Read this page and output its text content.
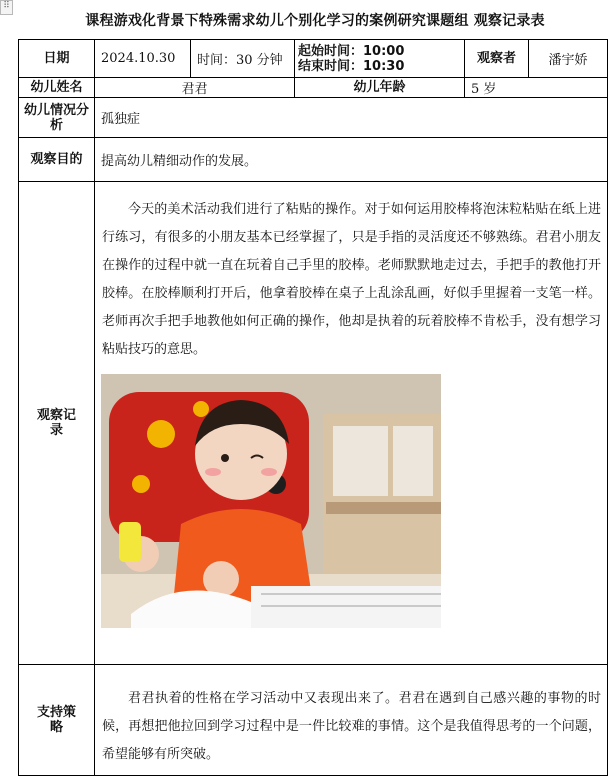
⠿
课程游戏化背景下特殊需求幼儿个别化学习的案例研究课题组 观察记录表
日期	2024.10.30	时间：30 分钟	起始时间：10:00
结束时间：10:30	观察者	潘宇娇
幼儿姓名	君君		幼儿年龄	5 岁	
幼儿情况分析	孤独症				
观察目的	提高幼儿精细动作的发展。				
观察记录	今天的美术活动我们进行了粘贴的操作。对于如何运用胶棒将泡沫粒粘贴在纸上进行练习，有很多的小朋友基本已经掌握了，只是手指的灵活度还不够熟练。君君小朋友在操作的过程中就一直在玩着自己手里的胶棒。老师默默地走过去，手把手的教他打开胶棒。在胶棒顺利打开后，他拿着胶棒在桌子上乱涂乱画，好似手里握着一支笔一样。老师再次手把手地教他如何正确的操作，他却是执着的玩着胶棒不肯松手，没有想学习粘贴技巧的意思。				

支持策略	君君执着的性格在学习活动中又表现出来了。君君在遇到自己感兴趣的事物的时候，再想把他拉回到学习过程中是一件比较难的事情。这个是我值得思考的一个问题，希望能够有所突破。				
